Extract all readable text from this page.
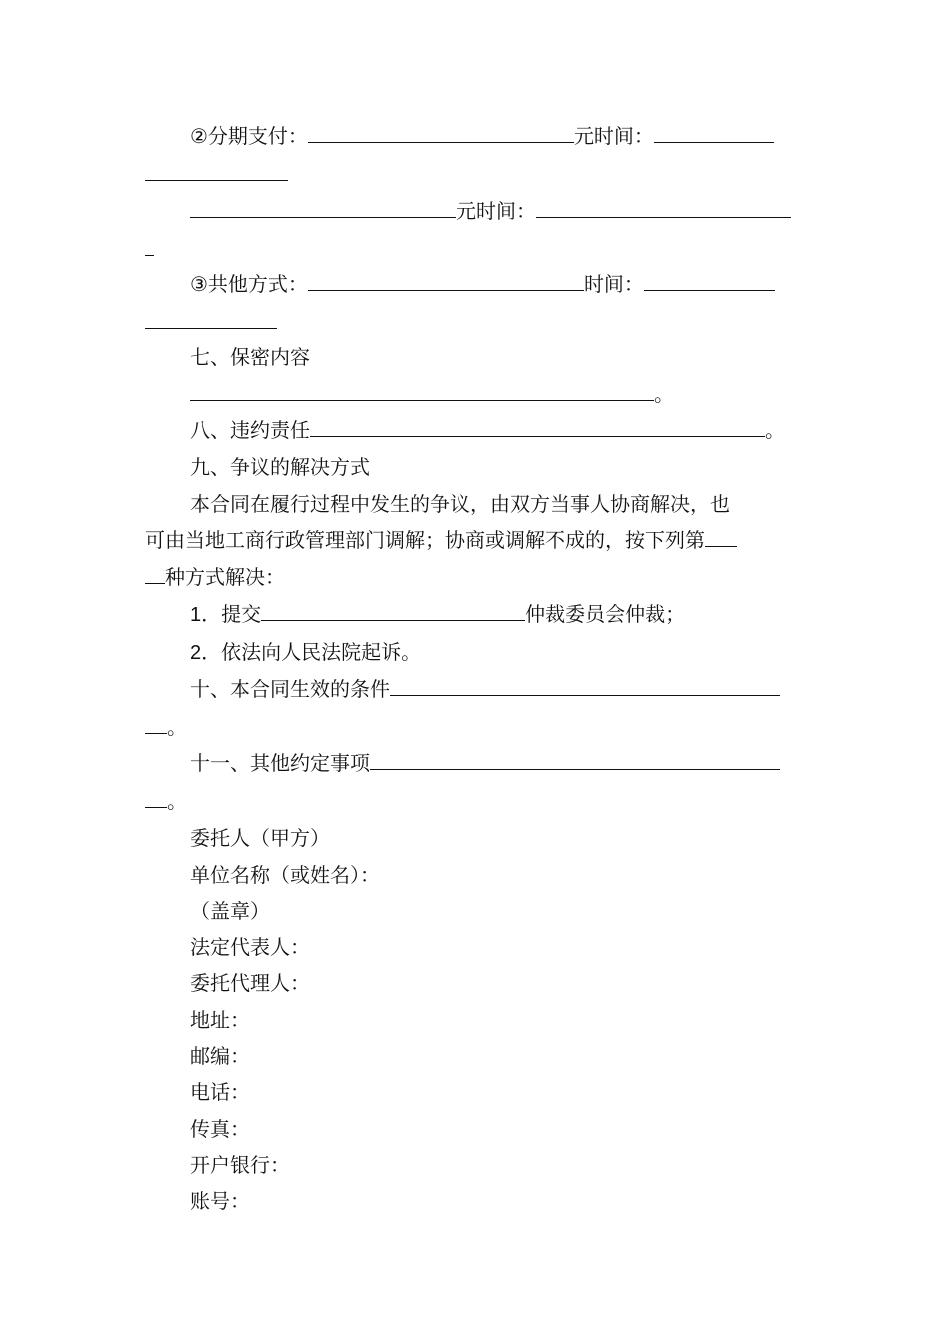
②分期支付：	元时间：
元时间：
③共他方式：	时间：
七、保密内容
。
八、违约责任	。
九、争议的解决方式
本合同在履行过程中发生的争议，由双方当事人协商解决，也
可由当地工商行政管理部门调解；协商或调解不成的，按下列第
种方式解决：
1．提交	仲裁委员会仲裁；
2．依法向人民法院起诉。
十、本合同生效的条件
。
十一、其他约定事项
。
委托人（甲方）
单位名称（或姓名）：
（盖章）
法定代表人：
委托代理人：
地址：
邮编：
电话：
传真：
开户银行：
账号：
